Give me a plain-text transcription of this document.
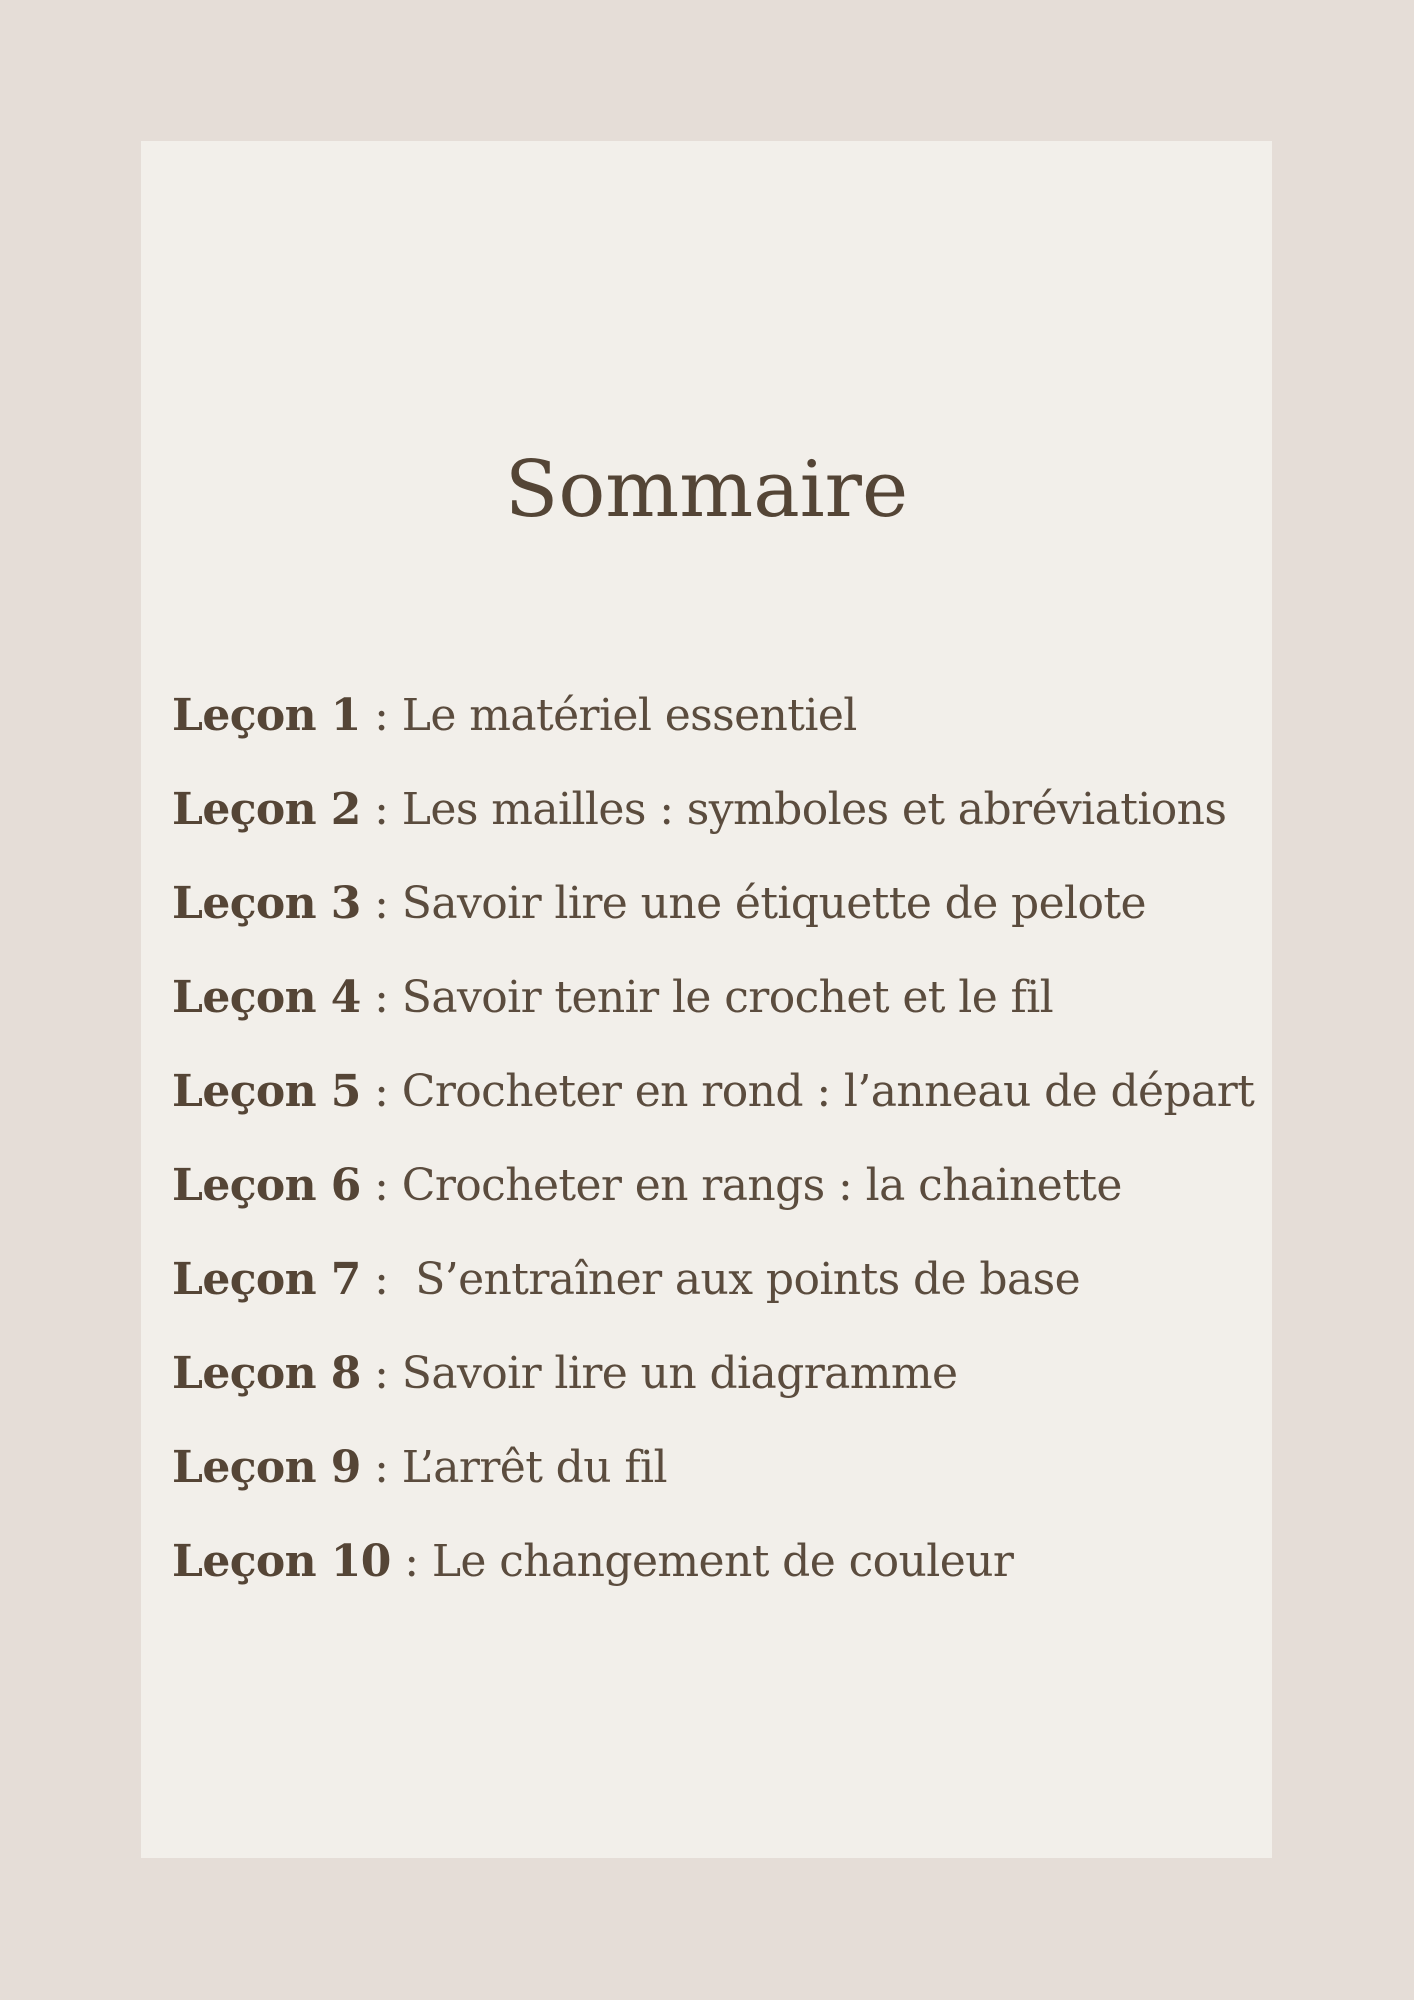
Sommaire
Leçon 1 : Le matériel essentiel
Leçon 2 : Les mailles : symboles et abréviations
Leçon 3 : Savoir lire une étiquette de pelote
Leçon 4 : Savoir tenir le crochet et le fil
Leçon 5 : Crocheter en rond : l’anneau de départ
Leçon 6 : Crocheter en rangs : la chainette
Leçon 7 :  S’entraîner aux points de base
Leçon 8 : Savoir lire un diagramme
Leçon 9 : L’arrêt du fil
Leçon 10 : Le changement de couleur
